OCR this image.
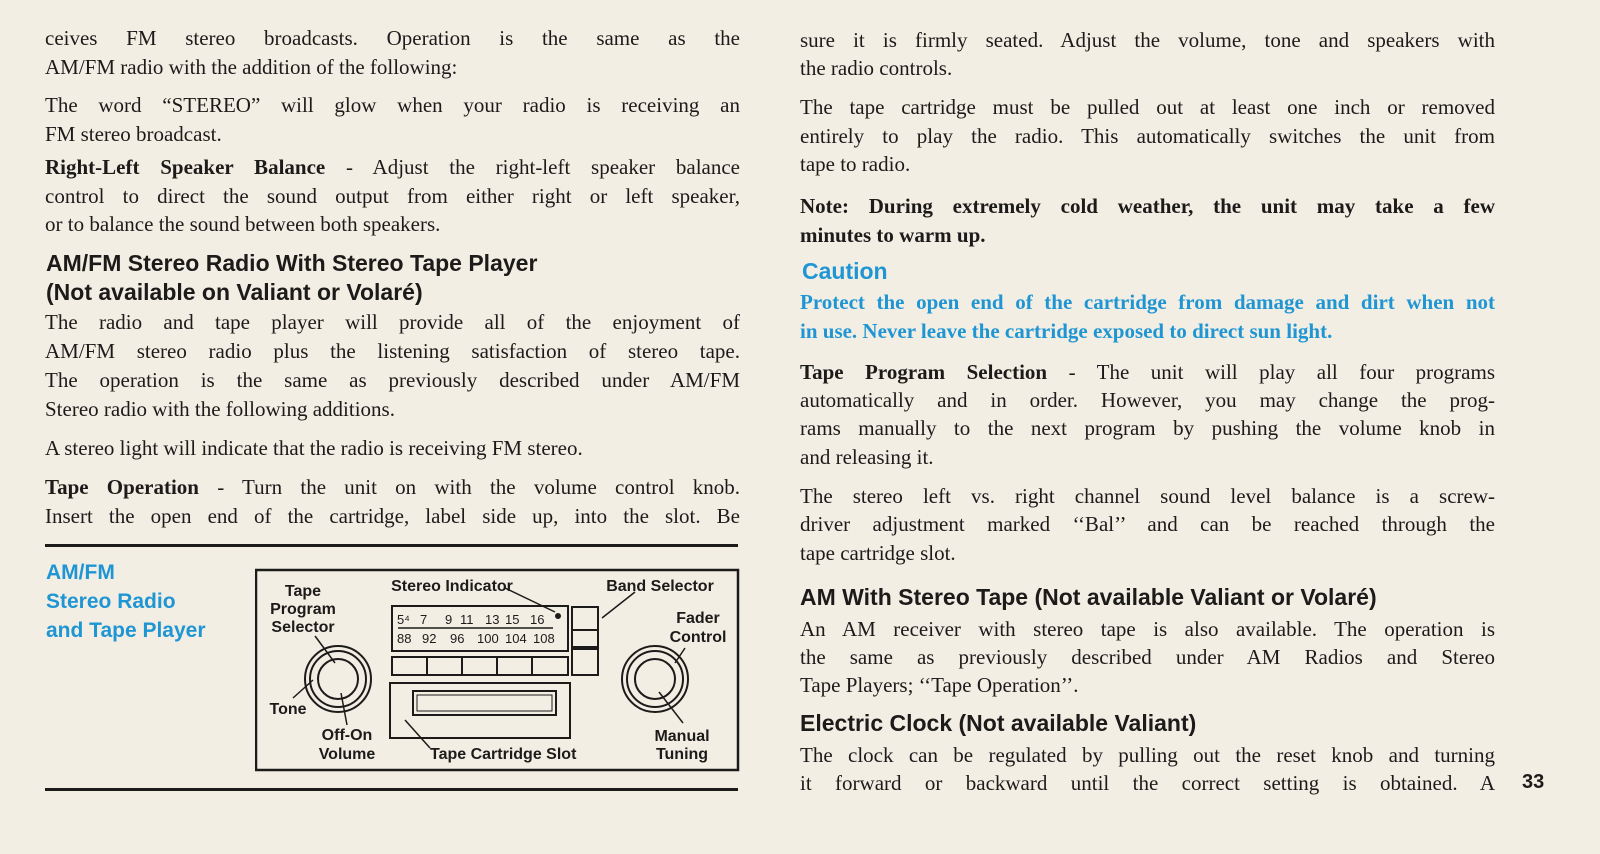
ceives FM stereo broadcasts. Operation is the same as the
AM/FM radio with the addition of the following:
The word “STEREO” will glow when your radio is receiving an
FM stereo broadcast.
Right-Left Speaker Balance - Adjust the right-left speaker balance
control to direct the sound output from either right or left speaker,
or to balance the sound between both speakers.
AM/FM Stereo Radio With Stereo Tape Player
(Not available on Valiant or Volaré)
The radio and tape player will provide all of the enjoyment of
AM/FM stereo radio plus the listening satisfaction of stereo tape.
The operation is the same as previously described under AM/FM
Stereo radio with the following additions.
A stereo light will indicate that the radio is receiving FM stereo.
Tape Operation - Turn the unit on with the volume control knob.
Insert the open end of the cartridge, label side up, into the slot. Be
AM/FM
Stereo Radio
and Tape Player
Tape
Program
Selector
Tone
Off-On
Volume
Stereo Indicator	Band Selector
Fader
Control
Manual
Tuning
Tape Cartridge Slot
5⁴ 7 9 11 13 15 16
88 92 96 100 104 108
sure it is firmly seated. Adjust the volume, tone and speakers with
the radio controls.
The tape cartridge must be pulled out at least one inch or removed
entirely to play the radio. This automatically switches the unit from
tape to radio.
Note: During extremely cold weather, the unit may take a few
minutes to warm up.
Caution
Protect the open end of the cartridge from damage and dirt when not
in use. Never leave the cartridge exposed to direct sun light.
Tape Program Selection - The unit will play all four programs
automatically and in order. However, you may change the prog-
rams manually to the next program by pushing the volume knob in
and releasing it.
The stereo left vs. right channel sound level balance is a screw-
driver adjustment marked ‘‘Bal’’ and can be reached through the
tape cartridge slot.
AM With Stereo Tape (Not available Valiant or Volaré)
An AM receiver with stereo tape is also available. The operation is
the same as previously described under AM Radios and Stereo
Tape Players; ‘‘Tape Operation’’.
Electric Clock (Not available Valiant)
The clock can be regulated by pulling out the reset knob and turning
it forward or backward until the correct setting is obtained. A 33
